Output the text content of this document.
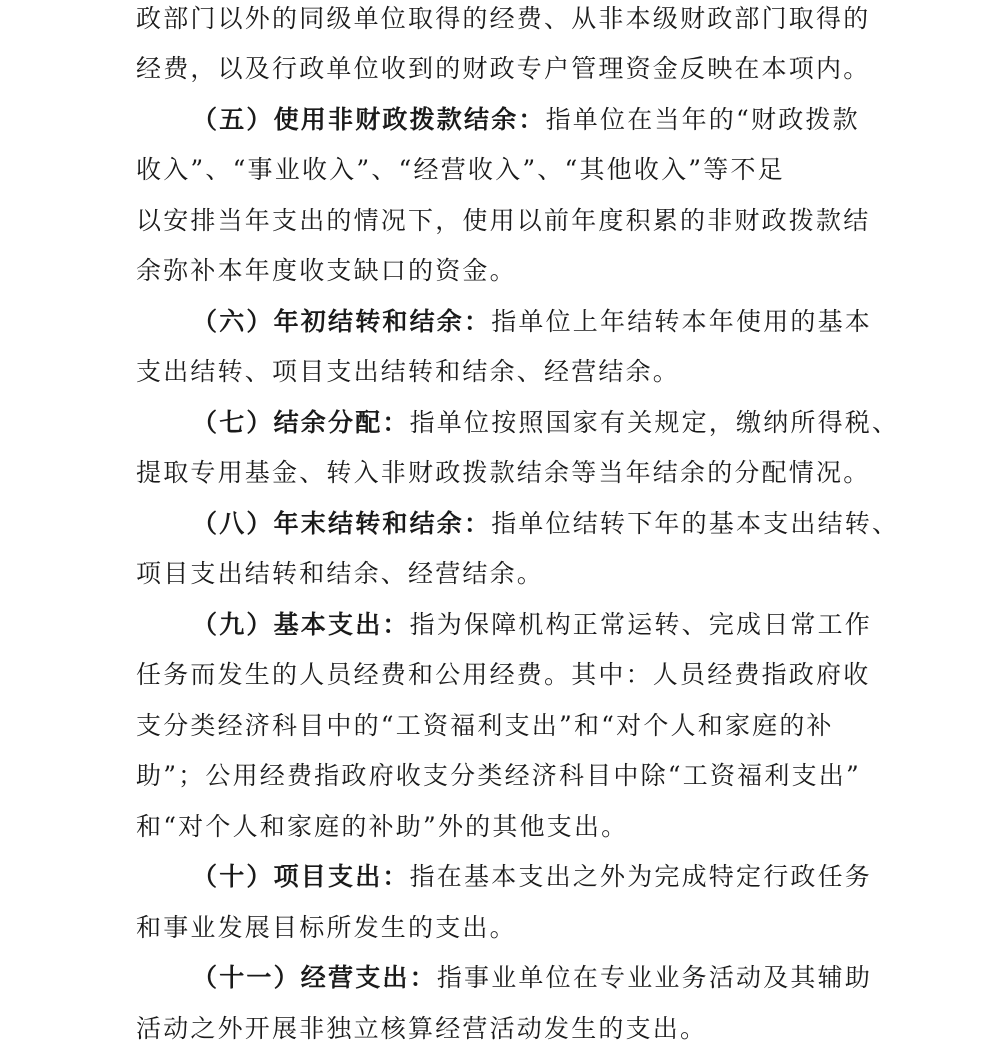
政部门以外的同级单位取得的经费、从非本级财政部门取得的
经费，以及行政单位收到的财政专户管理资金反映在本项内。
（五）使用非财政拨款结余：指单位在当年的“财政拨款
收入”、“事业收入”、“经营收入”、“其他收入”等不足
以安排当年支出的情况下，使用以前年度积累的非财政拨款结
余弥补本年度收支缺口的资金。
（六）年初结转和结余：指单位上年结转本年使用的基本
支出结转、项目支出结转和结余、经营结余。
（七）结余分配：指单位按照国家有关规定，缴纳所得税、
提取专用基金、转入非财政拨款结余等当年结余的分配情况。
（八）年末结转和结余：指单位结转下年的基本支出结转、
项目支出结转和结余、经营结余。
（九）基本支出：指为保障机构正常运转、完成日常工作
任务而发生的人员经费和公用经费。其中：人员经费指政府收
支分类经济科目中的“工资福利支出”和“对个人和家庭的补
助”；公用经费指政府收支分类经济科目中除“工资福利支出”
和“对个人和家庭的补助”外的其他支出。
（十）项目支出：指在基本支出之外为完成特定行政任务
和事业发展目标所发生的支出。
（十一）经营支出：指事业单位在专业业务活动及其辅助
活动之外开展非独立核算经营活动发生的支出。
